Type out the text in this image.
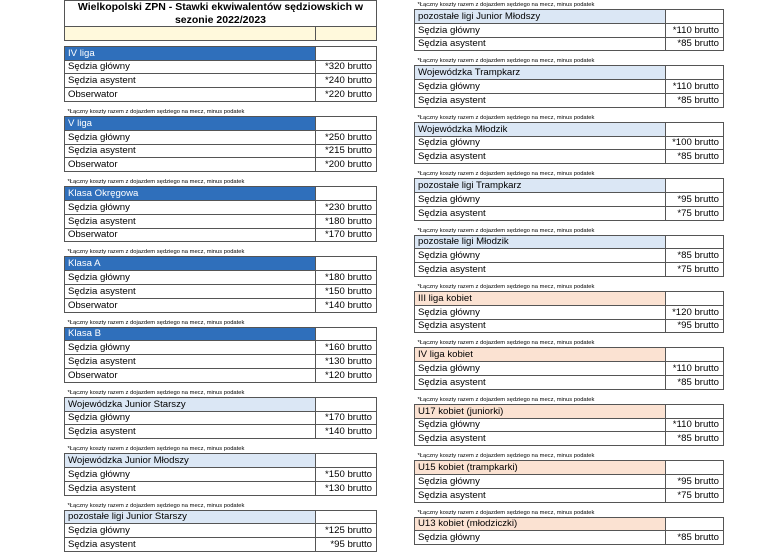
Wielkopolski ZPN - Stawki ekwiwalentów sędziowskich w sezonie 2022/2023	

IV liga	
Sędzia główny	*320 brutto
Sędzia asystent	*240 brutto
Obserwator	*220 brutto
*Łączny koszty razem z dojazdem sędziego na mecz, minus podatek	
V liga	
Sędzia główny	*250 brutto
Sędzia asystent	*215 brutto
Obserwator	*200 brutto
*Łączny koszty razem z dojazdem sędziego na mecz, minus podatek	
Klasa Okręgowa	
Sędzia główny	*230 brutto
Sędzia asystent	*180 brutto
Obserwator	*170 brutto
*Łączny koszty razem z dojazdem sędziego na mecz, minus podatek	
Klasa A	
Sędzia główny	*180 brutto
Sędzia asystent	*150 brutto
Obserwator	*140 brutto
*Łączny koszty razem z dojazdem sędziego na mecz, minus podatek	
Klasa B	
Sędzia główny	*160 brutto
Sędzia asystent	*130 brutto
Obserwator	*120 brutto
*Łączny koszty razem z dojazdem sędziego na mecz, minus podatek	
Wojewódzka Junior Starszy	
Sędzia główny	*170 brutto
Sędzia asystent	*140 brutto
*Łączny koszty razem z dojazdem sędziego na mecz, minus podatek	
Wojewódzka Junior Młodszy	
Sędzia główny	*150 brutto
Sędzia asystent	*130 brutto
*Łączny koszty razem z dojazdem sędziego na mecz, minus podatek	
pozostałe ligi Junior Starszy	
Sędzia główny	*125 brutto
Sędzia asystent	*95 brutto
*Łączny koszty razem z dojazdem sędziego na mecz, minus podatek	
pozostałe ligi Junior Młodszy	
Sędzia główny	*110 brutto
Sędzia asystent	*85 brutto
*Łączny koszty razem z dojazdem sędziego na mecz, minus podatek	
Wojewódzka Trampkarz	
Sędzia główny	*110 brutto
Sędzia asystent	*85 brutto
*Łączny koszty razem z dojazdem sędziego na mecz, minus podatek	
Wojewódzka Młodzik	
Sędzia główny	*100 brutto
Sędzia asystent	*85 brutto
*Łączny koszty razem z dojazdem sędziego na mecz, minus podatek	
pozostałe ligi Trampkarz	
Sędzia główny	*95 brutto
Sędzia asystent	*75 brutto
*Łączny koszty razem z dojazdem sędziego na mecz, minus podatek	
pozostałe ligi Młodzik	
Sędzia główny	*85 brutto
Sędzia asystent	*75 brutto
*Łączny koszty razem z dojazdem sędziego na mecz, minus podatek	
III liga kobiet	
Sędzia główny	*120 brutto
Sędzia asystent	*95 brutto
*Łączny koszty razem z dojazdem sędziego na mecz, minus podatek	
IV liga kobiet	
Sędzia główny	*110 brutto
Sędzia asystent	*85 brutto
*Łączny koszty razem z dojazdem sędziego na mecz, minus podatek	
U17 kobiet (juniorki)	
Sędzia główny	*110 brutto
Sędzia asystent	*85 brutto
*Łączny koszty razem z dojazdem sędziego na mecz, minus podatek	
U15 kobiet (trampkarki)	
Sędzia główny	*95 brutto
Sędzia asystent	*75 brutto
*Łączny koszty razem z dojazdem sędziego na mecz, minus podatek	
U13 kobiet (młodziczki)	
Sędzia główny	*85 brutto
